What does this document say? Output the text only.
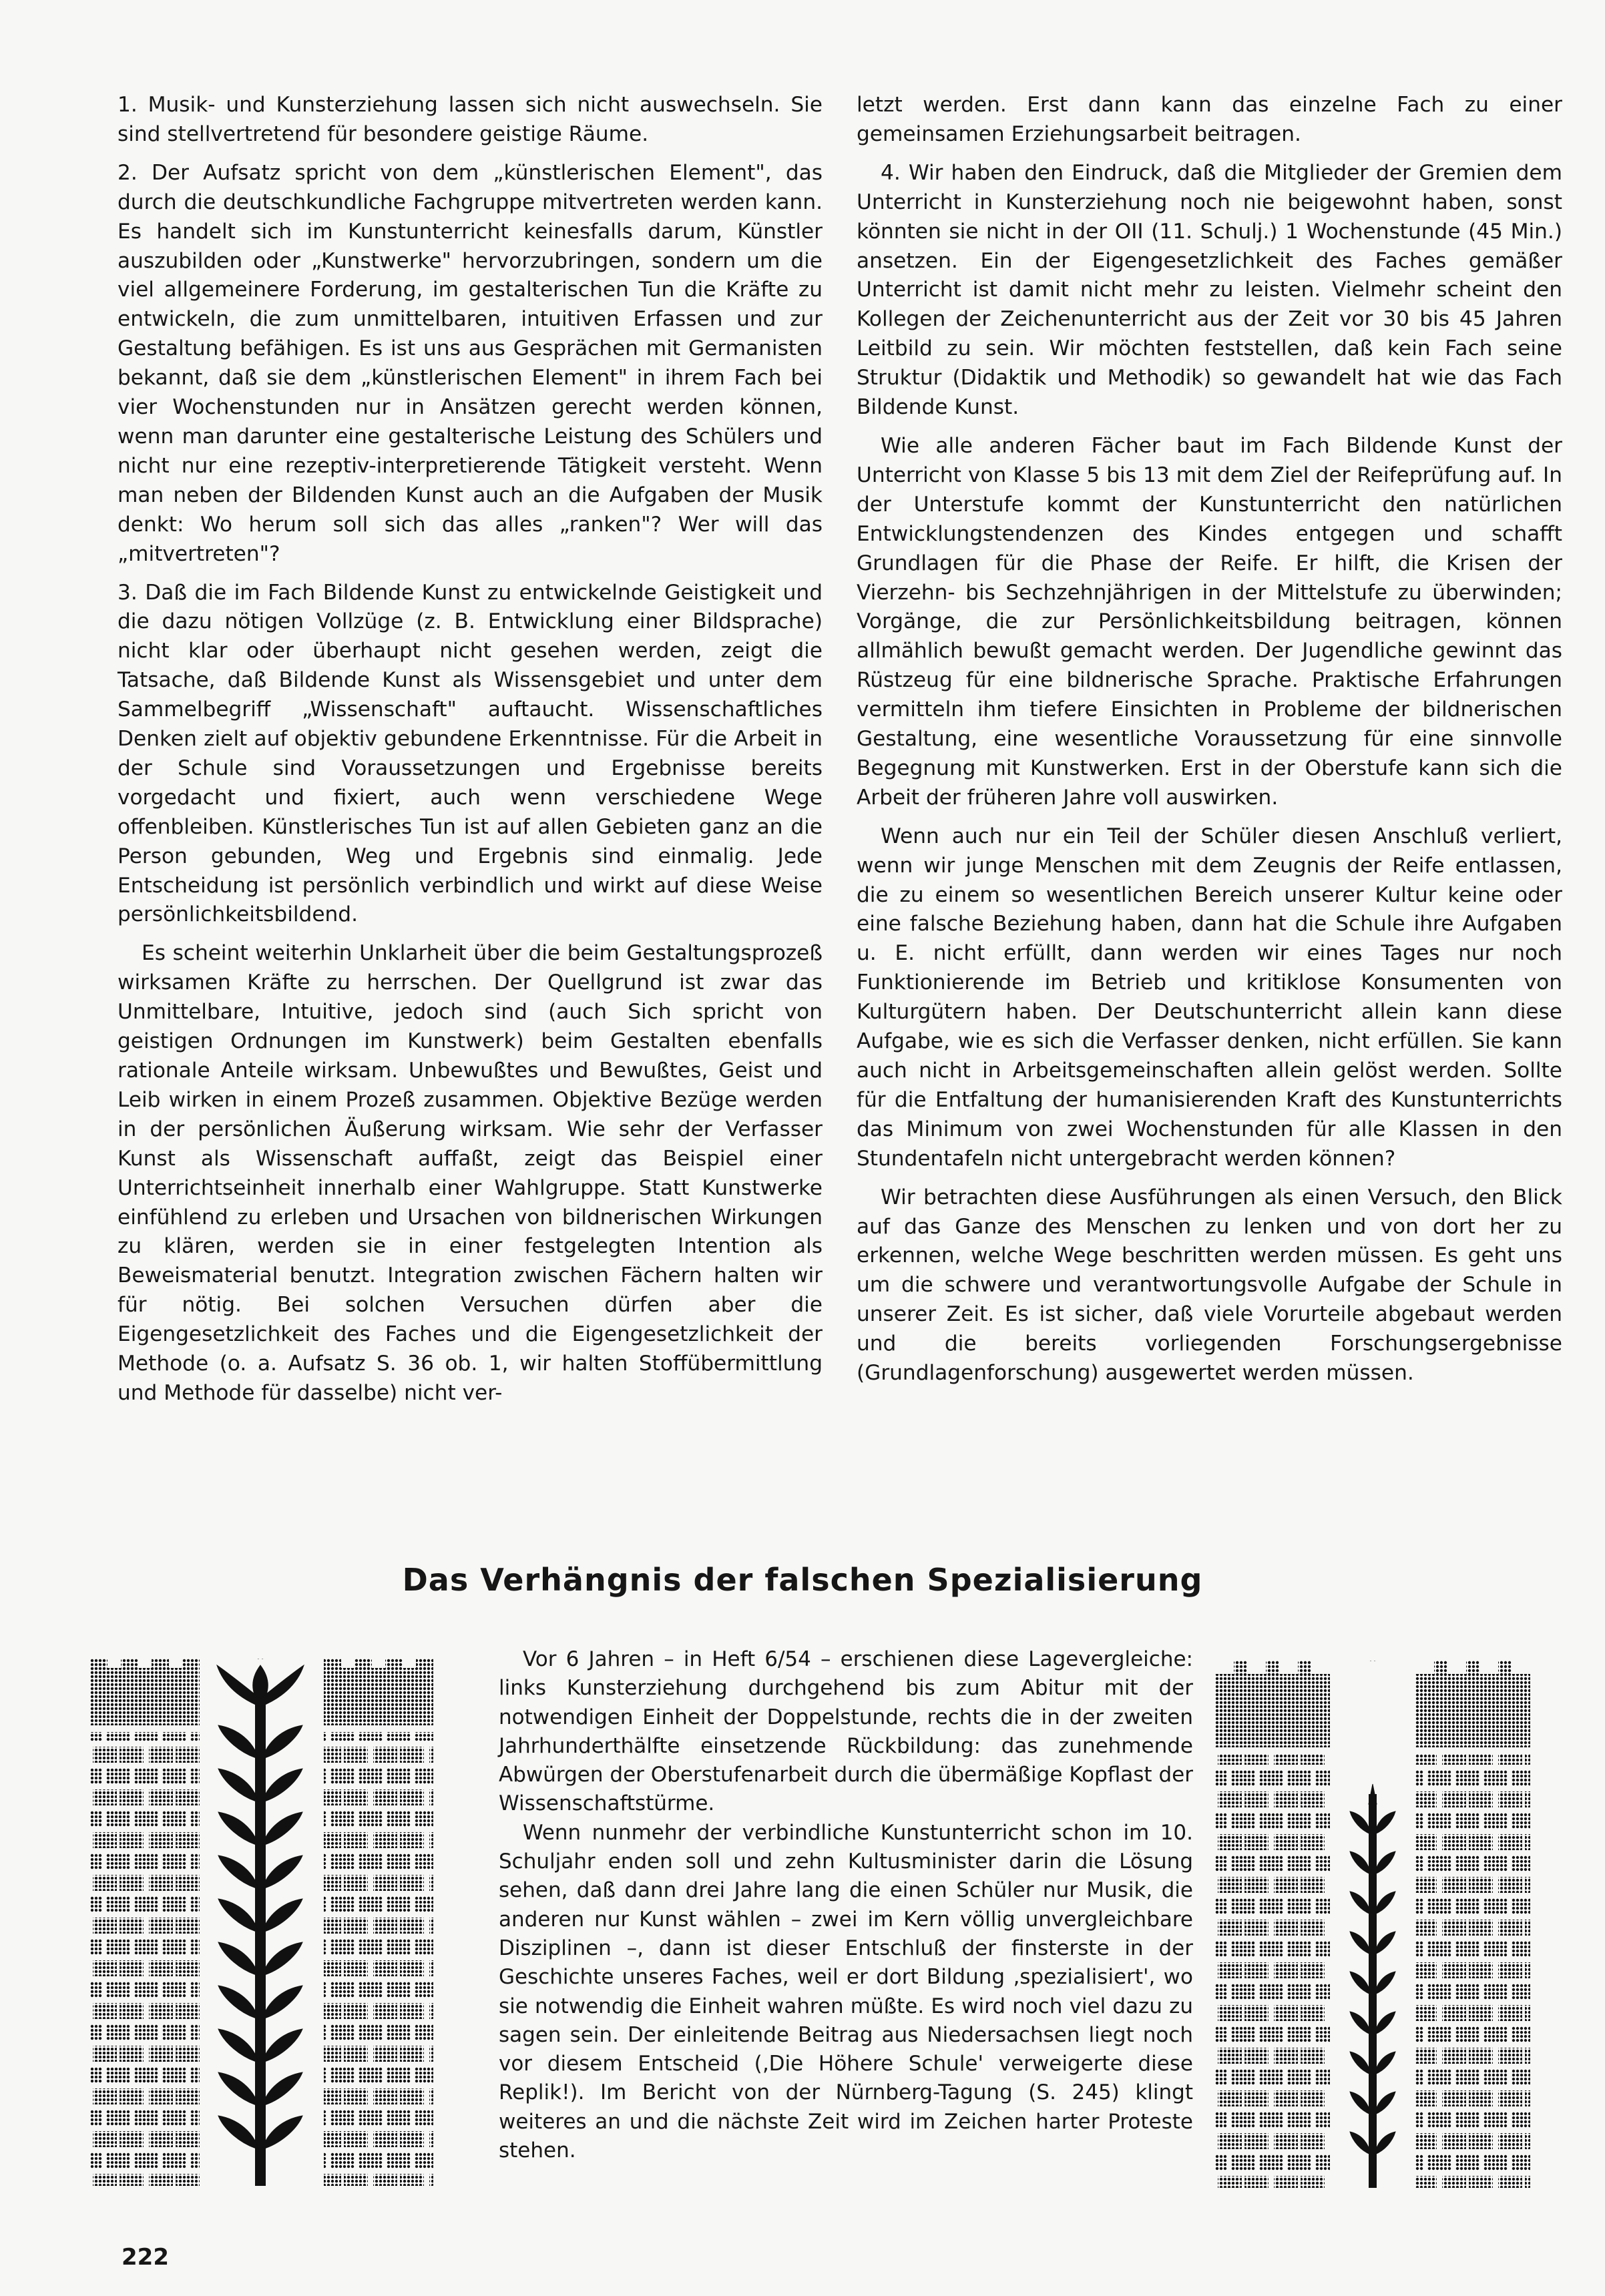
1. Musik- und Kunsterziehung lassen sich nicht auswechseln. Sie sind stellvertretend für besondere geistige Räume.

2. Der Aufsatz spricht von dem „künstlerischen Element", das durch die deutschkundliche Fachgruppe mitvertreten werden kann. Es handelt sich im Kunstunterricht keinesfalls darum, Künstler auszubilden oder „Kunstwerke" hervorzubringen, sondern um die viel allgemeinere Forderung, im gestalterischen Tun die Kräfte zu entwickeln, die zum unmittelbaren, intuitiven Erfassen und zur Gestaltung befähigen. Es ist uns aus Gesprächen mit Germanisten bekannt, daß sie dem „künstlerischen Element" in ihrem Fach bei vier Wochenstunden nur in Ansätzen gerecht werden können, wenn man darunter eine gestalterische Leistung des Schülers und nicht nur eine rezeptiv-interpretierende Tätigkeit versteht. Wenn man neben der Bildenden Kunst auch an die Aufgaben der Musik denkt: Wo herum soll sich das alles „ranken"? Wer will das „mitvertreten"?

3. Daß die im Fach Bildende Kunst zu entwickelnde Geistigkeit und die dazu nötigen Vollzüge (z. B. Entwicklung einer Bildsprache) nicht klar oder überhaupt nicht gesehen werden, zeigt die Tatsache, daß Bildende Kunst als Wissensgebiet und unter dem Sammelbegriff „Wissenschaft" auftaucht. Wissenschaftliches Denken zielt auf objektiv gebundene Erkenntnisse. Für die Arbeit in der Schule sind Voraussetzungen und Ergebnisse bereits vorgedacht und fixiert, auch wenn verschiedene Wege offenbleiben. Künstlerisches Tun ist auf allen Gebieten ganz an die Person gebunden, Weg und Ergebnis sind einmalig. Jede Entscheidung ist persönlich verbindlich und wirkt auf diese Weise persönlichkeitsbildend.

Es scheint weiterhin Unklarheit über die beim Gestaltungsprozeß wirksamen Kräfte zu herrschen. Der Quellgrund ist zwar das Unmittelbare, Intuitive, jedoch sind (auch Sich spricht von geistigen Ordnungen im Kunstwerk) beim Gestalten ebenfalls rationale Anteile wirksam. Unbewußtes und Bewußtes, Geist und Leib wirken in einem Prozeß zusammen. Objektive Bezüge werden in der persönlichen Äußerung wirksam. Wie sehr der Verfasser Kunst als Wissenschaft auffaßt, zeigt das Beispiel einer Unterrichtseinheit innerhalb einer Wahlgruppe. Statt Kunstwerke einfühlend zu erleben und Ursachen von bildnerischen Wirkungen zu klären, werden sie in einer festgelegten Intention als Beweismaterial benutzt. Integration zwischen Fächern halten wir für nötig. Bei solchen Versuchen dürfen aber die Eigengesetzlichkeit des Faches und die Eigengesetzlichkeit der Methode (o. a. Aufsatz S. 36 ob. 1, wir halten Stoffübermittlung und Methode für dasselbe) nicht ver-

letzt werden. Erst dann kann das einzelne Fach zu einer gemeinsamen Erziehungsarbeit beitragen.

4. Wir haben den Eindruck, daß die Mitglieder der Gremien dem Unterricht in Kunsterziehung noch nie beigewohnt haben, sonst könnten sie nicht in der OII (11. Schulj.) 1 Wochenstunde (45 Min.) ansetzen. Ein der Eigengesetzlichkeit des Faches gemäßer Unterricht ist damit nicht mehr zu leisten. Vielmehr scheint den Kollegen der Zeichenunterricht aus der Zeit vor 30 bis 45 Jahren Leitbild zu sein. Wir möchten feststellen, daß kein Fach seine Struktur (Didaktik und Methodik) so gewandelt hat wie das Fach Bildende Kunst.

Wie alle anderen Fächer baut im Fach Bildende Kunst der Unterricht von Klasse 5 bis 13 mit dem Ziel der Reifeprüfung auf. In der Unterstufe kommt der Kunstunterricht den natürlichen Entwicklungstendenzen des Kindes entgegen und schafft Grundlagen für die Phase der Reife. Er hilft, die Krisen der Vierzehn- bis Sechzehnjährigen in der Mittelstufe zu überwinden; Vorgänge, die zur Persönlichkeitsbildung beitragen, können allmählich bewußt gemacht werden. Der Jugendliche gewinnt das Rüstzeug für eine bildnerische Sprache. Praktische Erfahrungen vermitteln ihm tiefere Einsichten in Probleme der bildnerischen Gestaltung, eine wesentliche Voraussetzung für eine sinnvolle Begegnung mit Kunstwerken. Erst in der Oberstufe kann sich die Arbeit der früheren Jahre voll auswirken.

Wenn auch nur ein Teil der Schüler diesen Anschluß verliert, wenn wir junge Menschen mit dem Zeugnis der Reife entlassen, die zu einem so wesentlichen Bereich unserer Kultur keine oder eine falsche Beziehung haben, dann hat die Schule ihre Aufgaben u. E. nicht erfüllt, dann werden wir eines Tages nur noch Funktionierende im Betrieb und kritiklose Konsumenten von Kulturgütern haben. Der Deutschunterricht allein kann diese Aufgabe, wie es sich die Verfasser denken, nicht erfüllen. Sie kann auch nicht in Arbeitsgemeinschaften allein gelöst werden. Sollte für die Entfaltung der humanisierenden Kraft des Kunstunterrichts das Minimum von zwei Wochenstunden für alle Klassen in den Stundentafeln nicht untergebracht werden können?

Wir betrachten diese Ausführungen als einen Versuch, den Blick auf das Ganze des Menschen zu lenken und von dort her zu erkennen, welche Wege beschritten werden müssen. Es geht uns um die schwere und verantwortungsvolle Aufgabe der Schule in unserer Zeit. Es ist sicher, daß viele Vorurteile abgebaut werden und die bereits vorliegenden Forschungsergebnisse (Grundlagenforschung) ausgewertet werden müssen.

Das Verhängnis der falschen Spezialisierung

Vor 6 Jahren – in Heft 6/54 – erschienen diese Lagevergleiche: links Kunsterziehung durchgehend bis zum Abitur mit der notwendigen Einheit der Doppelstunde, rechts die in der zweiten Jahrhunderthälfte einsetzende Rückbildung: das zunehmende Abwürgen der Oberstufenarbeit durch die übermäßige Kopflast der Wissenschaftstürme.

Wenn nunmehr der verbindliche Kunstunterricht schon im 10. Schuljahr enden soll und zehn Kultusminister darin die Lösung sehen, daß dann drei Jahre lang die einen Schüler nur Musik, die anderen nur Kunst wählen – zwei im Kern völlig unvergleichbare Disziplinen –, dann ist dieser Entschluß der finsterste in der Geschichte unseres Faches, weil er dort Bildung ‚spezialisiert', wo sie notwendig die Einheit wahren müßte. Es wird noch viel dazu zu sagen sein. Der einleitende Beitrag aus Niedersachsen liegt noch vor diesem Entscheid (‚Die Höhere Schule' verweigerte diese Replik!). Im Bericht von der Nürnberg-Tagung (S. 245) klingt weiteres an und die nächste Zeit wird im Zeichen harter Proteste stehen.

222
